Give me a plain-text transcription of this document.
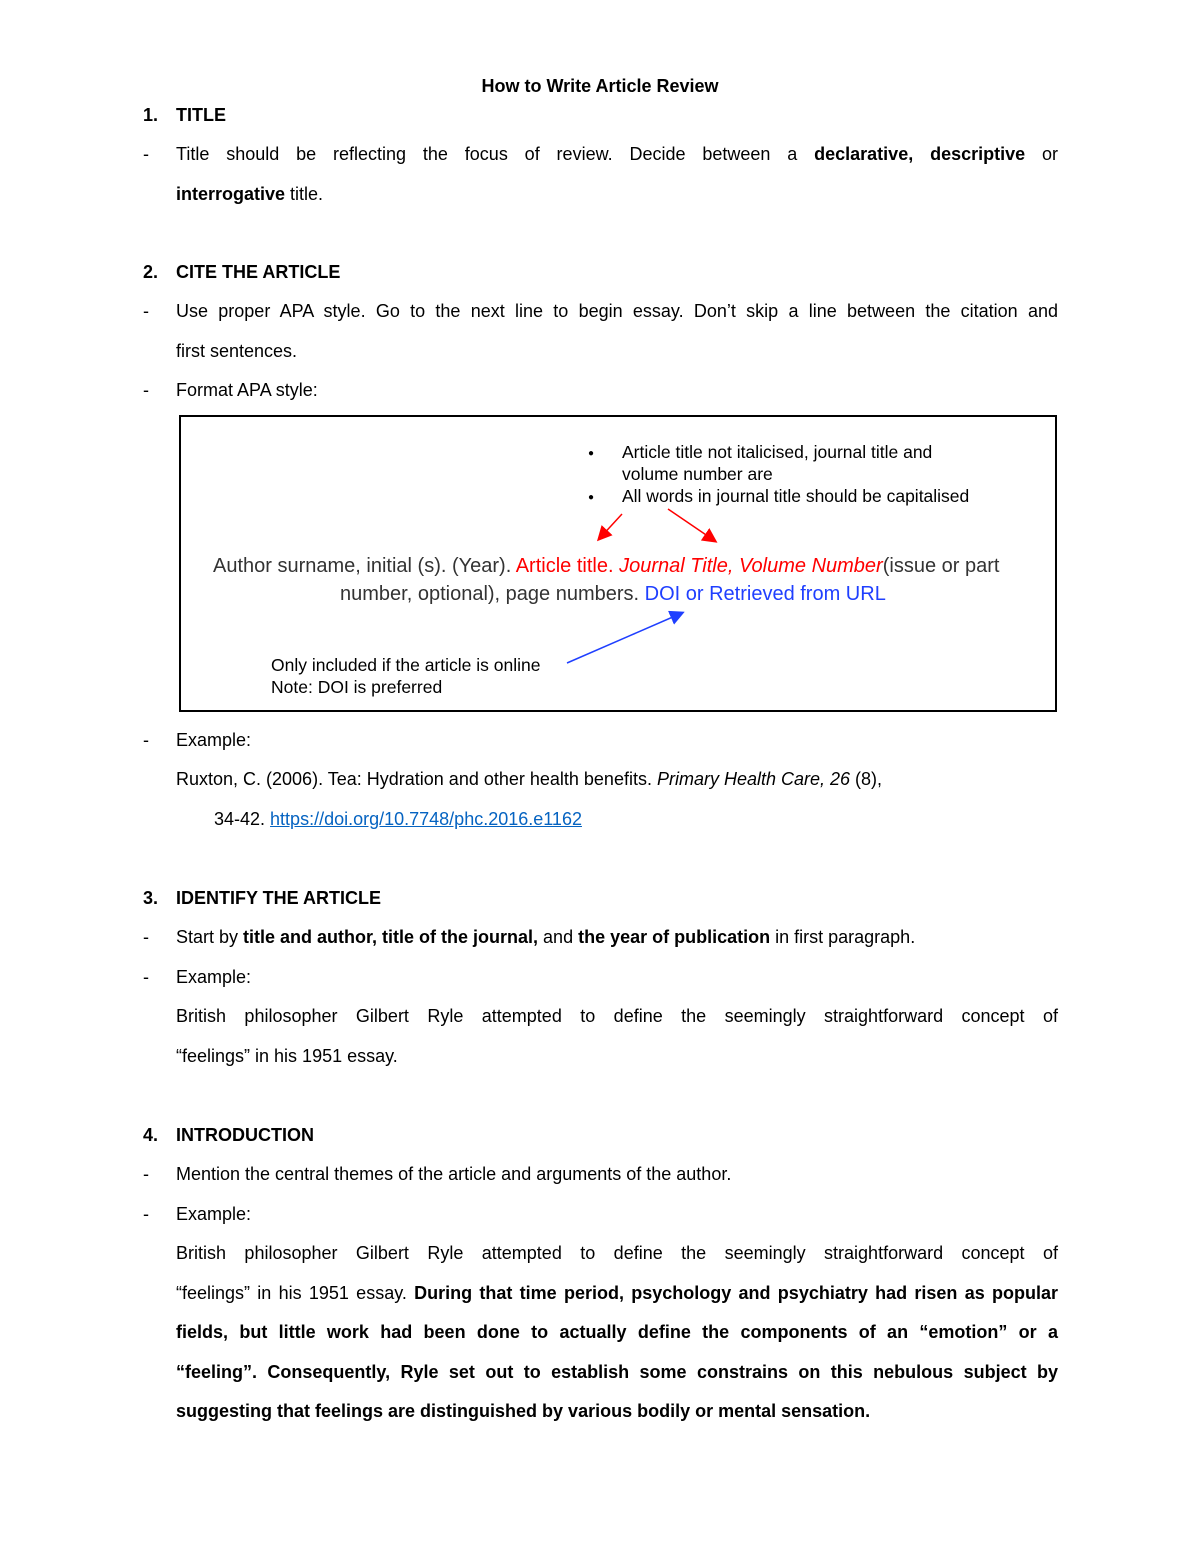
How to Write Article Review
1. TITLE
- Title should be reflecting the focus of review. Decide between a declarative, descriptive or
interrogative title.
2. CITE THE ARTICLE
- Use proper APA style. Go to the next line to begin essay. Don’t skip a line between the citation and
first sentences.
- Format APA style:
● Article title not italicised, journal title and
volume number are
● All words in journal title should be capitalised
Author surname, initial (s). (Year). Article title. Journal Title, Volume Number(issue or part
number, optional), page numbers. DOI or Retrieved from URL
Only included if the article is online
Note: DOI is preferred
- Example:
Ruxton, C. (2006). Tea: Hydration and other health benefits. Primary Health Care, 26 (8),
34-42. https://doi.org/10.7748/phc.2016.e1162
3. IDENTIFY THE ARTICLE
- Start by title and author, title of the journal, and the year of publication in first paragraph.
- Example:
British philosopher Gilbert Ryle attempted to define the seemingly straightforward concept of
“feelings” in his 1951 essay.
4. INTRODUCTION
- Mention the central themes of the article and arguments of the author.
- Example:
British philosopher Gilbert Ryle attempted to define the seemingly straightforward concept of
“feelings” in his 1951 essay. During that time period, psychology and psychiatry had risen as popular
fields, but little work had been done to actually define the components of an “emotion” or a
“feeling”. Consequently, Ryle set out to establish some constrains on this nebulous subject by
suggesting that feelings are distinguished by various bodily or mental sensation.
